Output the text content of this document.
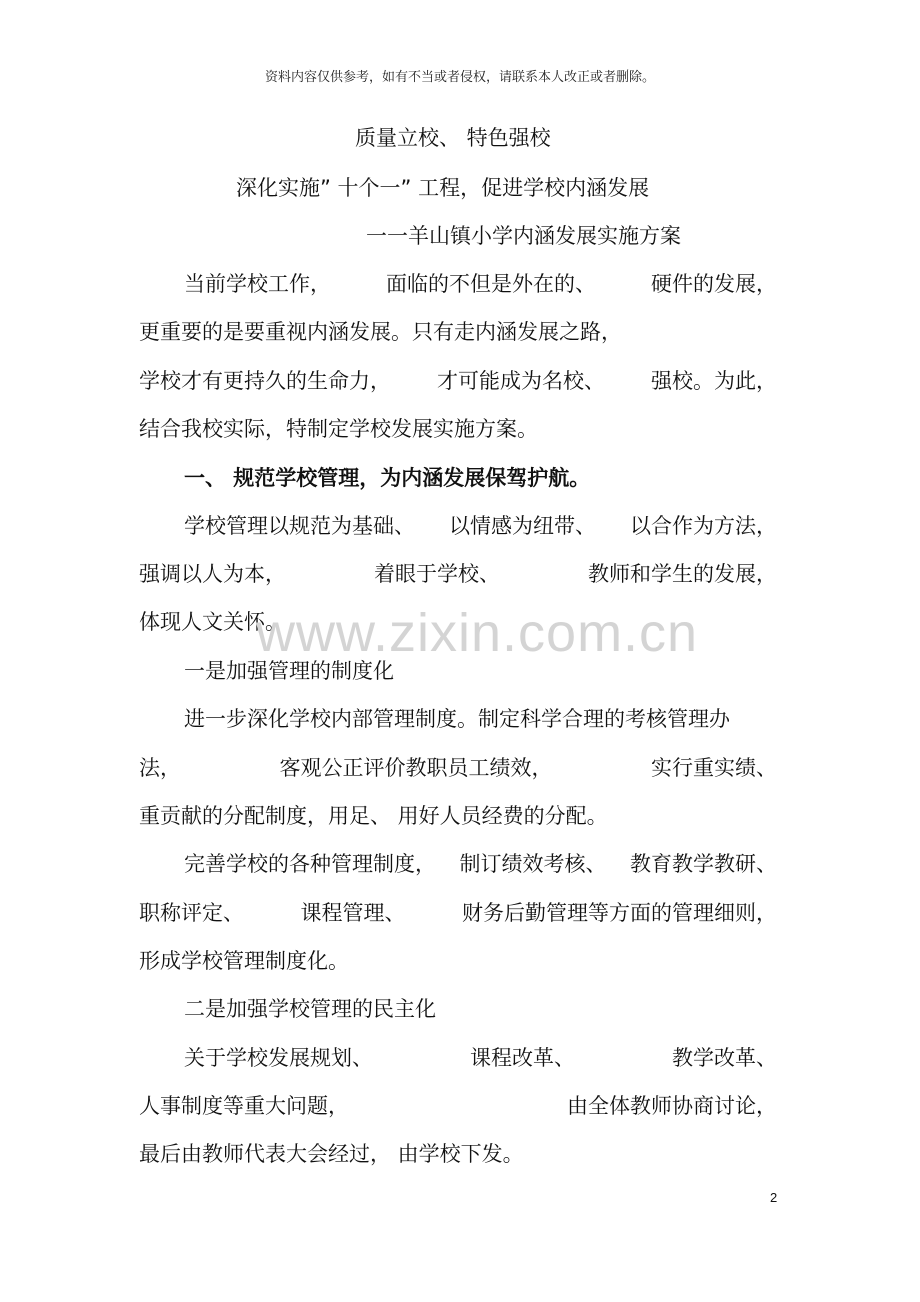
资料内容仅供参考，如有不当或者侵权，请联系本人改正或者删除。
质量立校、 特色强校
深化实施” 十个一” 工程，促进学校内涵发展
一一羊山镇小学内涵发展实施方案
当前学校工作，	面临的不但是外在的、	硬件的发展，
更重要的是要重视内涵发展。只有走内涵发展之路，
学校才有更持久的生命力， 才可能成为名校、 强校。为此，
结合我校实际，特制定学校发展实施方案。
一、 规范学校管理，为内涵发展保驾护航。
学校管理以规范为基础、 以情感为纽带、 以合作为方法，
强调以人为本，	着眼于学校、	教师和学生的发展，
体现人文关怀。
www.zixin.com.cn
一是加强管理的制度化
进一步深化学校内部管理制度。制定科学合理的考核管理办
法，	客观公正评价教职员工绩效，	实行重实绩、
重贡献的分配制度，用足、 用好人员经费的分配。
完善学校的各种管理制度， 制订绩效考核、 教育教学教研、
职称评定、	课程管理、	财务后勤管理等方面的管理细则，
形成学校管理制度化。
二是加强学校管理的民主化
关于学校发展规划、	课程改革、	教学改革、
人事制度等重大问题，	由全体教师协商讨论，
最后由教师代表大会经过， 由学校下发。
2
